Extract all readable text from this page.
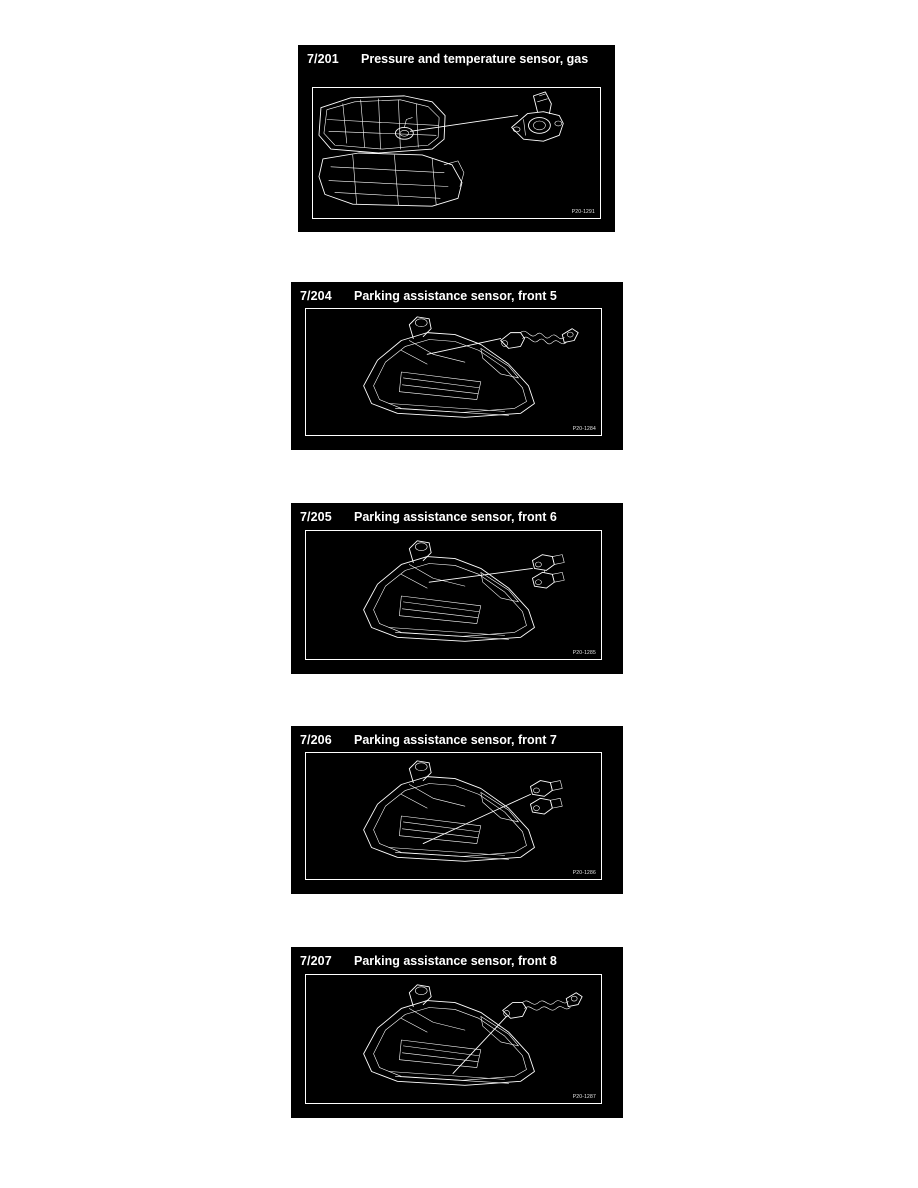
7/201	Pressure and temperature sensor, gas
P20-1291
7/204	Parking assistance sensor, front 5
P20-1284
7/205	Parking assistance sensor, front 6
P20-1285
7/206	Parking assistance sensor, front 7
P20-1286
7/207	Parking assistance sensor, front 8
P20-1287
